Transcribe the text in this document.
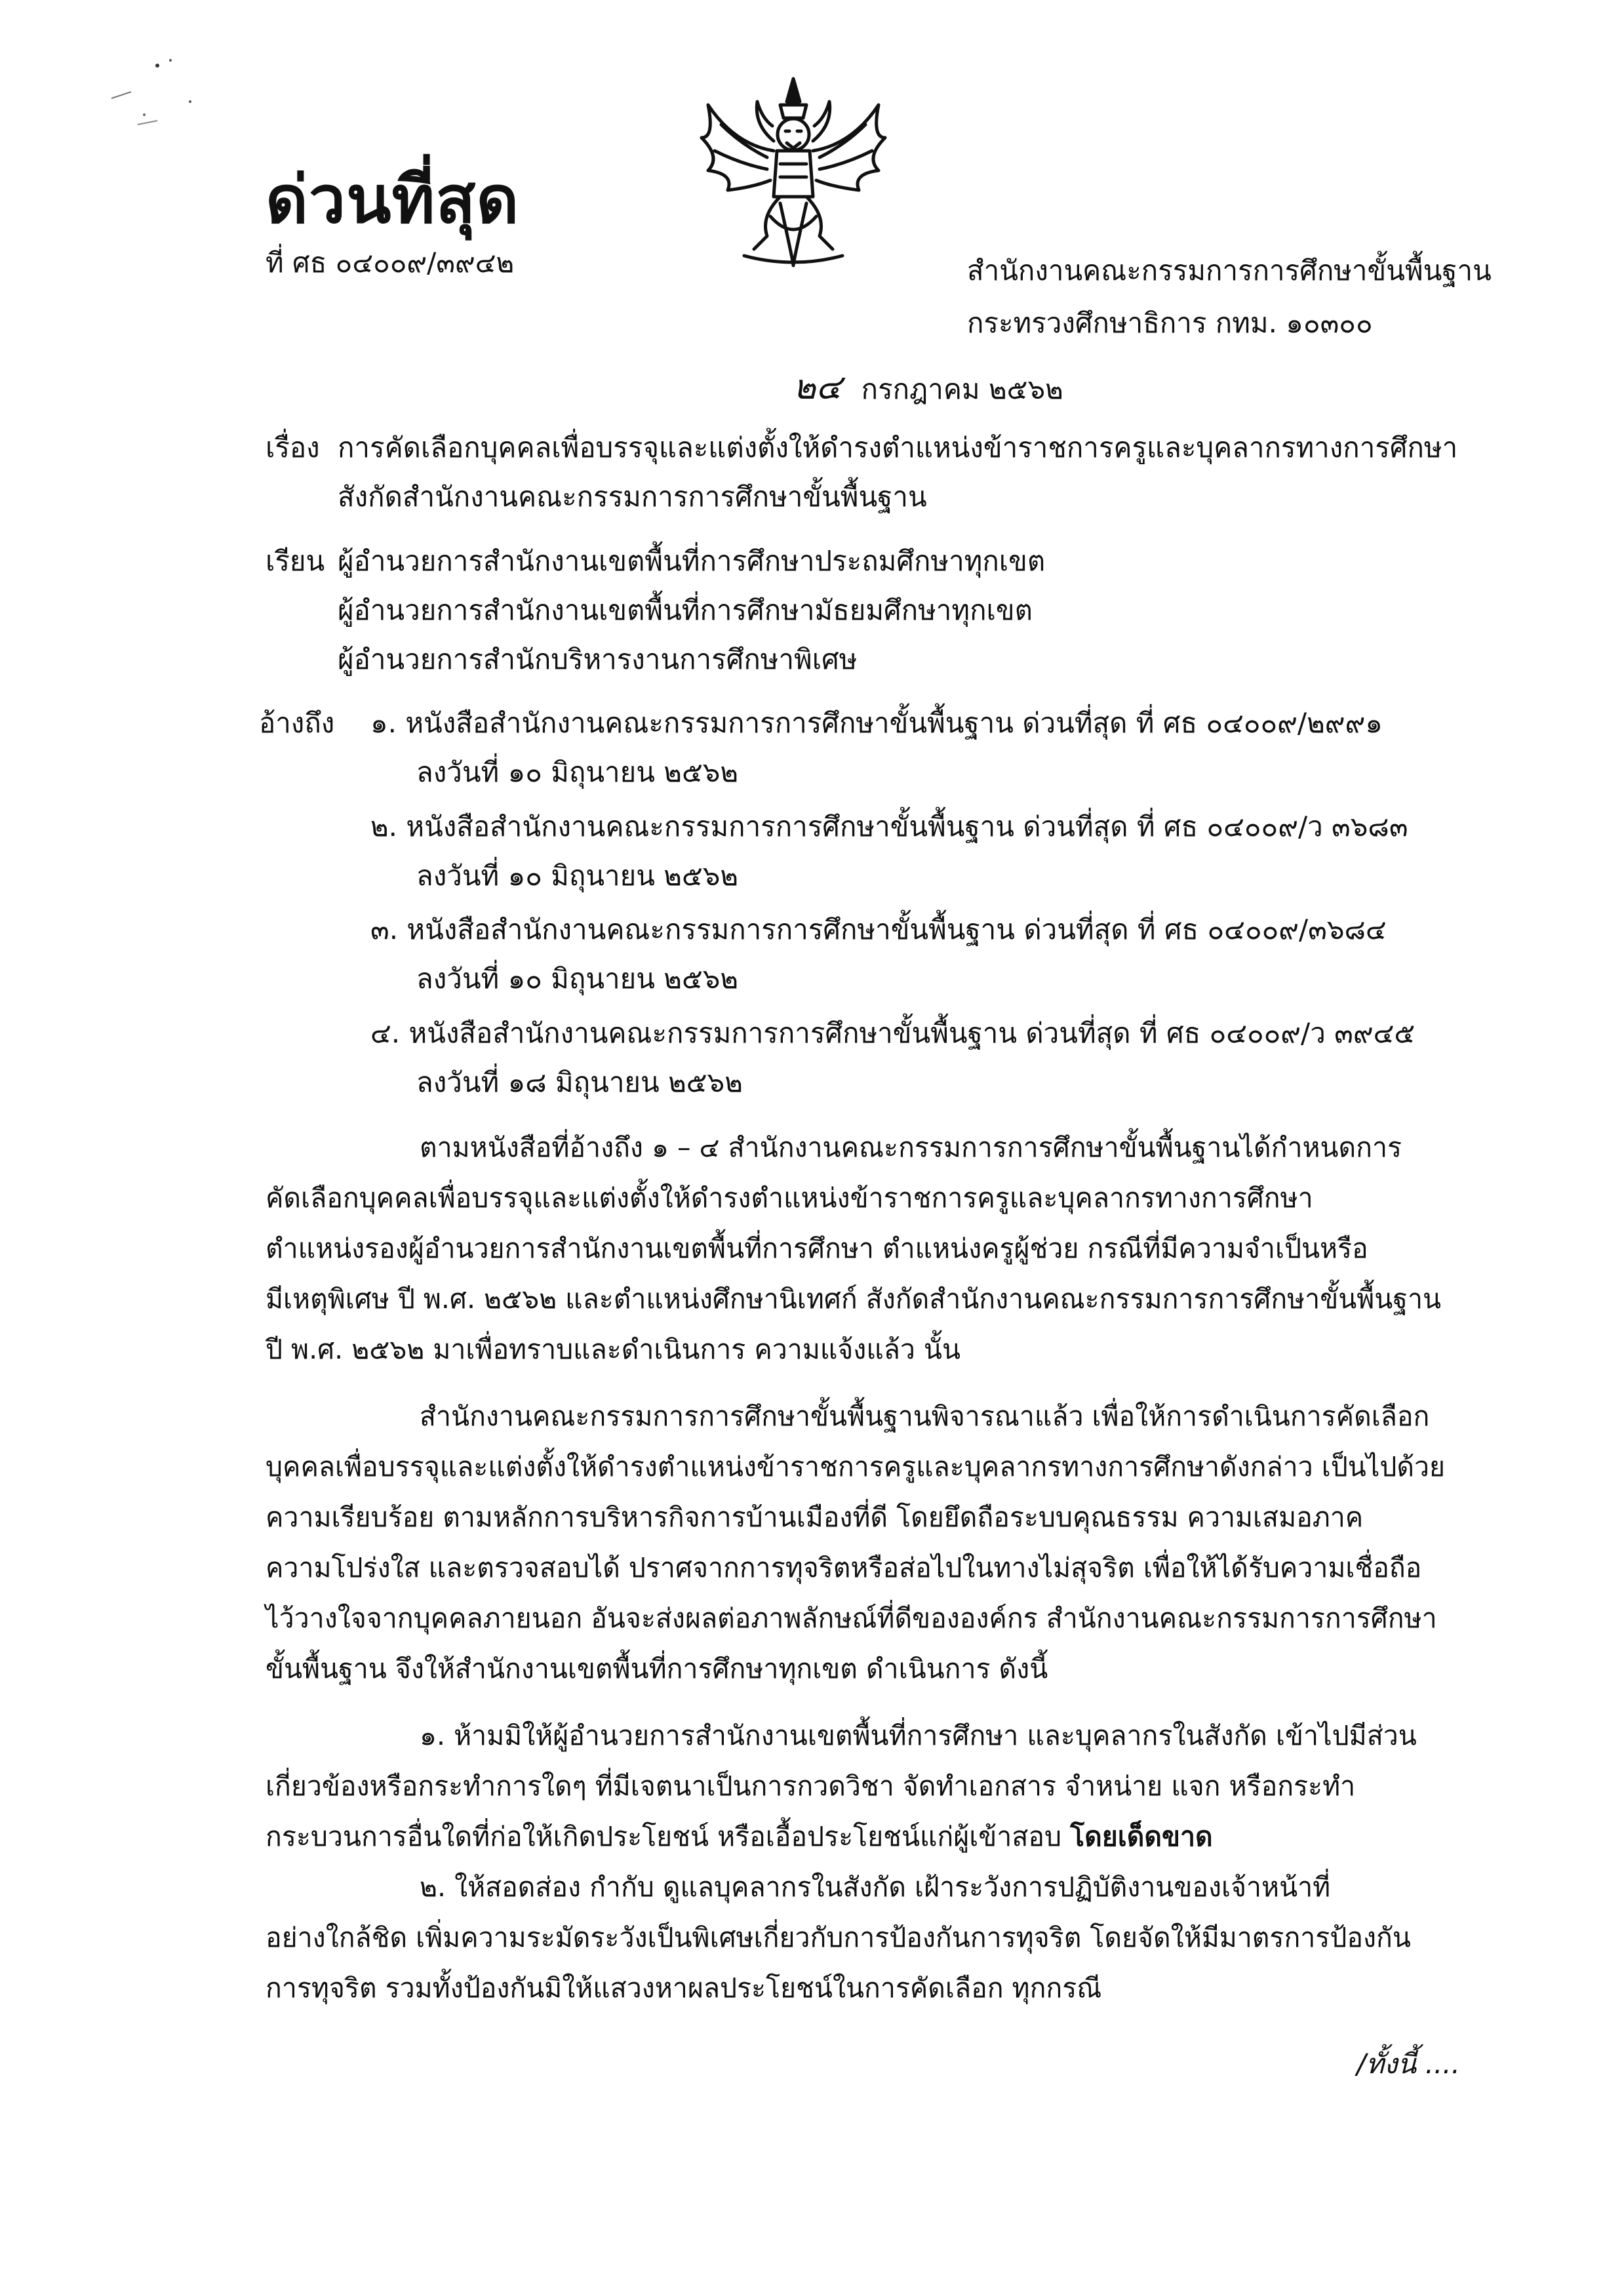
ด่วนที่สุด
ที่ ศธ ๐๔๐๐๙/๓๙๔๒	สำนักงานคณะกรรมการการศึกษาขั้นพื้นฐาน
กระทรวงศึกษาธิการ กทม. ๑๐๓๐๐
๒๔ กรกฎาคม ๒๕๖๒
เรื่อง การคัดเลือกบุคคลเพื่อบรรจุและแต่งตั้งให้ดำรงตำแหน่งข้าราชการครูและบุคลากรทางการศึกษา
สังกัดสำนักงานคณะกรรมการการศึกษาขั้นพื้นฐาน
เรียน ผู้อำนวยการสำนักงานเขตพื้นที่การศึกษาประถมศึกษาทุกเขต
ผู้อำนวยการสำนักงานเขตพื้นที่การศึกษามัธยมศึกษาทุกเขต
ผู้อำนวยการสำนักบริหารงานการศึกษาพิเศษ
อ้างถึง ๑. หนังสือสำนักงานคณะกรรมการการศึกษาขั้นพื้นฐาน ด่วนที่สุด ที่ ศธ ๐๔๐๐๙/๒๙๙๑
ลงวันที่ ๑๐ มิถุนายน ๒๕๖๒
๒. หนังสือสำนักงานคณะกรรมการการศึกษาขั้นพื้นฐาน ด่วนที่สุด ที่ ศธ ๐๔๐๐๙/ว ๓๖๘๓
ลงวันที่ ๑๐ มิถุนายน ๒๕๖๒
๓. หนังสือสำนักงานคณะกรรมการการศึกษาขั้นพื้นฐาน ด่วนที่สุด ที่ ศธ ๐๔๐๐๙/๓๖๘๔
ลงวันที่ ๑๐ มิถุนายน ๒๕๖๒
๔. หนังสือสำนักงานคณะกรรมการการศึกษาขั้นพื้นฐาน ด่วนที่สุด ที่ ศธ ๐๔๐๐๙/ว ๓๙๔๕
ลงวันที่ ๑๘ มิถุนายน ๒๕๖๒
ตามหนังสือที่อ้างถึง ๑ – ๔ สำนักงานคณะกรรมการการศึกษาขั้นพื้นฐานได้กำหนดการ
คัดเลือกบุคคลเพื่อบรรจุและแต่งตั้งให้ดำรงตำแหน่งข้าราชการครูและบุคลากรทางการศึกษา
ตำแหน่งรองผู้อำนวยการสำนักงานเขตพื้นที่การศึกษา ตำแหน่งครูผู้ช่วย กรณีที่มีความจำเป็นหรือ
มีเหตุพิเศษ ปี พ.ศ. ๒๕๖๒ และตำแหน่งศึกษานิเทศก์ สังกัดสำนักงานคณะกรรมการการศึกษาขั้นพื้นฐาน
ปี พ.ศ. ๒๕๖๒ มาเพื่อทราบและดำเนินการ ความแจ้งแล้ว นั้น
สำนักงานคณะกรรมการการศึกษาขั้นพื้นฐานพิจารณาแล้ว เพื่อให้การดำเนินการคัดเลือก
บุคคลเพื่อบรรจุและแต่งตั้งให้ดำรงตำแหน่งข้าราชการครูและบุคลากรทางการศึกษาดังกล่าว เป็นไปด้วย
ความเรียบร้อย ตามหลักการบริหารกิจการบ้านเมืองที่ดี โดยยึดถือระบบคุณธรรม ความเสมอภาค
ความโปร่งใส และตรวจสอบได้ ปราศจากการทุจริตหรือส่อไปในทางไม่สุจริต เพื่อให้ได้รับความเชื่อถือ
ไว้วางใจจากบุคคลภายนอก อันจะส่งผลต่อภาพลักษณ์ที่ดีขององค์กร สำนักงานคณะกรรมการการศึกษา
ขั้นพื้นฐาน จึงให้สำนักงานเขตพื้นที่การศึกษาทุกเขต ดำเนินการ ดังนี้
๑. ห้ามมิให้ผู้อำนวยการสำนักงานเขตพื้นที่การศึกษา และบุคลากรในสังกัด เข้าไปมีส่วน
เกี่ยวข้องหรือกระทำการใดๆ ที่มีเจตนาเป็นการกวดวิชา จัดทำเอกสาร จำหน่าย แจก หรือกระทำ
กระบวนการอื่นใดที่ก่อให้เกิดประโยชน์ หรือเอื้อประโยชน์แก่ผู้เข้าสอบ โดยเด็ดขาด
๒. ให้สอดส่อง กำกับ ดูแลบุคลากรในสังกัด เฝ้าระวังการปฏิบัติงานของเจ้าหน้าที่
อย่างใกล้ชิด เพิ่มความระมัดระวังเป็นพิเศษเกี่ยวกับการป้องกันการทุจริต โดยจัดให้มีมาตรการป้องกัน
การทุจริต รวมทั้งป้องกันมิให้แสวงหาผลประโยชน์ในการคัดเลือก ทุกกรณี
/ทั้งนี้ ....
